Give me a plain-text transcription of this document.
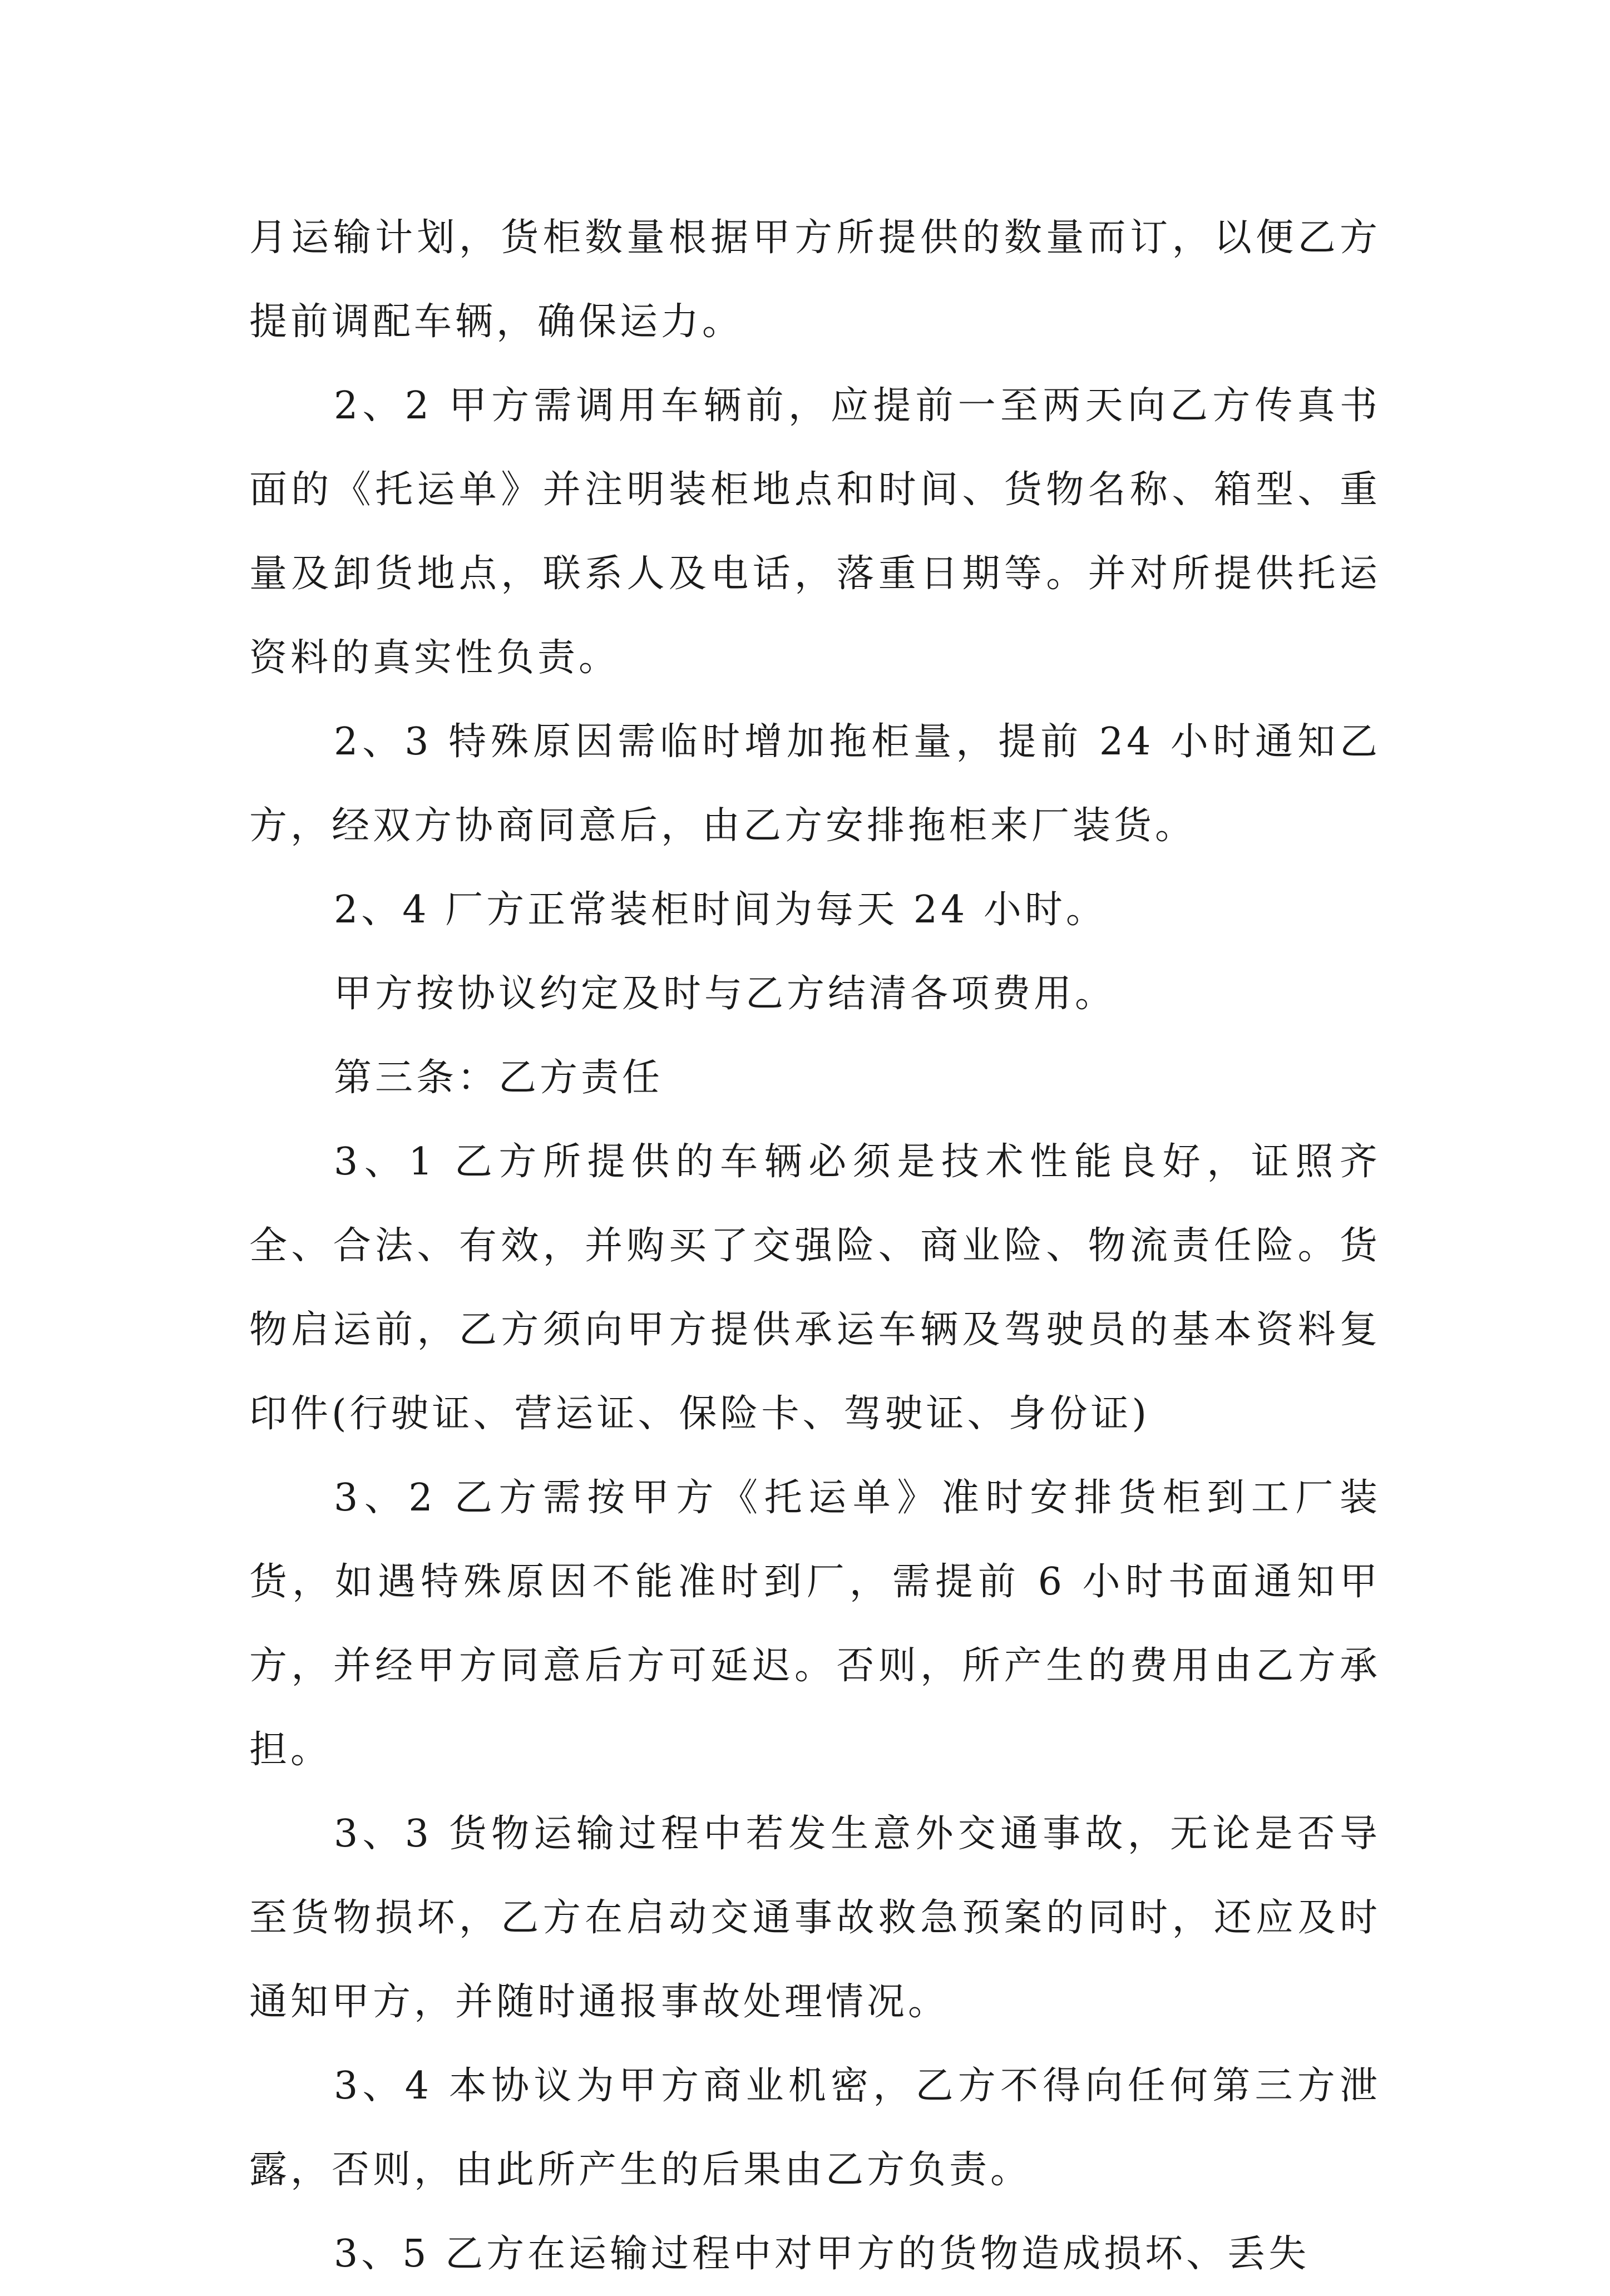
月运输计划，货柜数量根据甲方所提供的数量而订，以便乙方提前调配车辆，确保运力。

2、2 甲方需调用车辆前，应提前一至两天向乙方传真书面的《托运单》并注明装柜地点和时间、货物名称、箱型、重量及卸货地点，联系人及电话，落重日期等。并对所提供托运资料的真实性负责。

2、3 特殊原因需临时增加拖柜量，提前 24 小时通知乙方，经双方协商同意后，由乙方安排拖柜来厂装货。

2、4 厂方正常装柜时间为每天 24 小时。

甲方按协议约定及时与乙方结清各项费用。

第三条：乙方责任

3、1 乙方所提供的车辆必须是技术性能良好，证照齐全、合法、有效，并购买了交强险、商业险、物流责任险。货物启运前，乙方须向甲方提供承运车辆及驾驶员的基本资料复印件(行驶证、营运证、保险卡、驾驶证、身份证)

3、2 乙方需按甲方《托运单》准时安排货柜到工厂装货，如遇特殊原因不能准时到厂，需提前 6 小时书面通知甲方，并经甲方同意后方可延迟。否则，所产生的费用由乙方承担。

3、3 货物运输过程中若发生意外交通事故，无论是否导至货物损坏，乙方在启动交通事故救急预案的同时，还应及时通知甲方，并随时通报事故处理情况。

3、4 本协议为甲方商业机密，乙方不得向任何第三方泄露，否则，由此所产生的后果由乙方负责。

3、5 乙方在运输过程中对甲方的货物造成损坏、丢失
